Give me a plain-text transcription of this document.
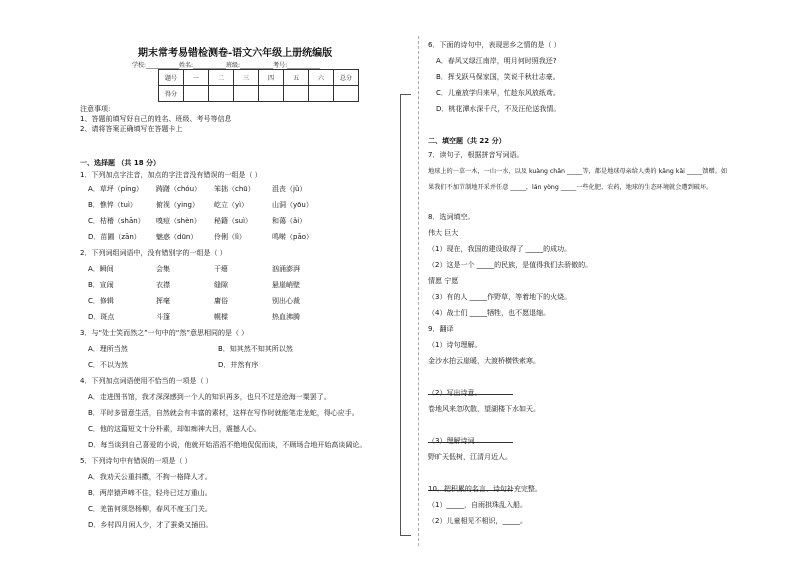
期末常考易错检测卷-语文六年级上册统编版
学校:___________姓名:___________班级:___________考号:___________
题号	一	二	三	四	五	六	总分
得分							
注意事项:
1、答题前填写好自己的姓名、班级、考号等信息
2、请将答案正确填写在答题卡上
一、选择题 （共 18 分）
1．下列加点字注音，加点的字注音没有错误的一组是（ ）
A．草坪（píng） 踌躇（chóu） 笨拙（chū） 沮丧（jǔ）
B．憔悴（tuì）	俯视（ying） 屹立（yì）	山洞（yōu）
C．枯稽（shān） 嗅痘（shèn） 秘籍（suì）	和蔼（ǎi）
D．苗圃（zān） 魅惑（dūn） 伶俐（lì）	鸣啭（pāo）
2．下列词组词语中，没有错别字的一组是（ ）
A．瞬间	会集	干瘪	汹涌澎湃
B．宣闹	衣襟	缝隙	悬崖峭壁
C．修辑	挥毫	庸俗	别出心裁
D．斑点	斗篷	幌樑	热血沸腾
3．与“处士笑而然之”一句中的“然”意思相同的是（ ）
A．理所当然	B．知其然不知其所以然
C．不以为然	D．井然有序
4．下列加点词语使用不恰当的一项是（ ）
A．走进图书馆，我才深深感到一个人的知识再多，也只不过是沧海一粟罢了。
B．平时多留意生活，自然就会有丰富的素材，这样在写作时就能笔走龙蛇，得心应手。
C．他的这篇短文十分朴素，却如痴神大吕，震撼人心。
D．每当谈到自己喜爱的小说，他就开始滔滔不绝地侃侃而谈，不顾场合地开始高谈阔论。
5．下列诗句中有错误的一项是（ ）
A．我劝天公重抖擞，不拘一格降人才。
B．两岸猿声啼不住，轻舟已过万重山。
C．羌笛何须怨杨柳，春风不度玉门关。
D．乡村四月闲人少，才了蚕桑又插田。
6．下面的诗句中，表现思乡之情的是（ ）
A．春风又绿江南岸，明月何时照我还?
B．挥戈跃马保家国，笑说千秋壮志豪。
C．儿童放学归来早，忙趁东风放纸鸢。
D．桃花潭水深千尺，不及汪伦送我情。
二、填空题（共 22 分）
7．读句子，根据拼音写词语。
地球上的一草一木，一山一水，以及 kuàng chǎn _____等，都是地球母亲给人类的 kāng kǎi _____馈赠。如
果我们不加节制地开采并任意 _____，lán yòng _____一些化肥、农药，地球的生态环境就会遭到破坏。
8．选词填空。
伟大 巨大
（1）现在，我国的建设取得了 _____的成功。
（2）这是一个 _____的民族，是值得我们去骄傲的。
情愿 宁愿
（3）有的人 _____作野草，等着地下的火烧。
（4）战士们 _____牺牲，也不愿退缩。
9．翻译
（1）诗句理解。
金沙水拍云崖暖，大渡桥横铁索寒。
（2）写出诗意。
卷地风来忽吹散，望湖楼下水如天。
（3）理解诗词
野旷天低树，江清月近人。
10．把积累的名言、诗句补充完整。
（1）_____，自雨拱珠乱入船。
（2）儿童相见不相识，_____。
